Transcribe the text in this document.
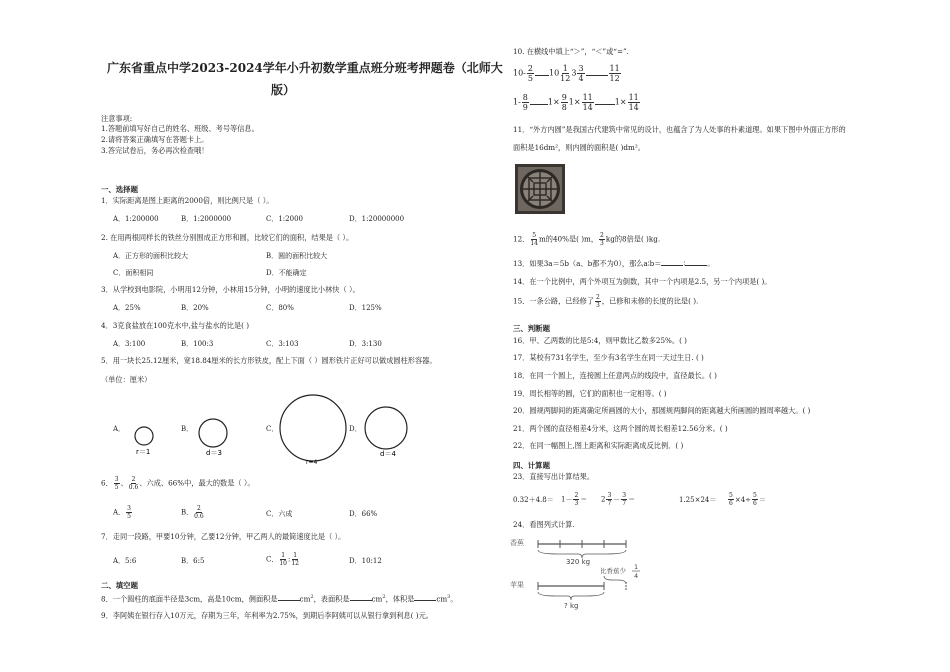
广东省重点中学2023-2024学年小升初数学重点班分班考押题卷（北师大
版）
注意事项:
1.答题前填写好自己的姓名、班级、考号等信息。
2.请将答案正确填写在答题卡上。
3.答完试卷后，务必再次检查哦！
一、选择题
1．实际距离是图上距离的2000倍，则比例尺是（ ）。
A．1:200000	B．1:2000000	C．1:2000	D．1:20000000
2. 在用两根同样长的铁丝分别围成正方形和圆，比较它们的面积，结果是（ ）。
A．正方形的面积比较大	B．圆的面积比较大
C．面积相同	D．不能确定
3．从学校到电影院，小明用12分钟，小林用15分钟，小明的速度比小林快（ ）。
A．25%	B．20%	C．80%	D．125%
4．3克食盐放在100克水中,盐与盐水的比是( )
A．3:100	B．100:3	C．3:103	D．3:130
5．用一块长25.12厘米，宽18.84厘米的长方形铁皮，配上下面（ ）圆形铁片正好可以做成圆柱形容器。
（单位：厘米）
A．	B．	C．	D．
r＝1	d＝3
r=4
d＝4
6． $\frac{3}{5}$ 、 $\frac{2}{0.6}$ 、六成、66%中，最大的数是（ ）。
A． $\frac{3}{5}$	B． $\frac{2}{0.6}$	C．六成	D．66%
7．走同一段路，甲要10分钟，乙要12分钟，甲乙两人的最简速度比是（ ）。
A．5:6	B．6:5	C． $\frac{1}{10}$ : $\frac{1}{12}$	D．10:12
二、填空题
8．一个圆柱的底面半径是3cm，高是10cm，侧面积是	$cm^2$，表面积是	$cm^2$，体积是	$cm^3$。
9．李阿姨在银行存入10万元，存期为三年，年利率为2.75%，到期后李阿姨可以从银行拿到利息( )元。
10. 在横线中填上“＞”，“＜”或“=”.
$10- \frac{2}{5} 10 \frac{1}{12} 3 \frac{3}{4}$	$\frac{11}{12}$
$1- \frac{8}{9} 1\times \frac{9}{8} 1\times \frac{11}{14}$	$1\times \frac{11}{14}$
11．“外方内圆”是我国古代建筑中常见的设计，也蕴含了为人处事的朴素道理。如果下图中外面正方形的
面积是16dm²，则内圆的面积是( )dm²。
12． $\frac{5}{14}$ m的40%是( )m， $\frac{2}{3}$ kg的8倍是( )kg.
13．如果3a＝5b（a、b都不为0），那么a∶b＝	∶	。
14．在一个比例中，两个外项互为倒数，其中一个内项是2.5，另一个内项是( )。
15．一条公路，已经修了 $\frac{2}{3}$ ，已修和未修的长度的比是( ).
三、判断题
16．甲、乙两数的比是5:4，则甲数比乙数多25%。( )
17．某校有731名学生，至少有3名学生在同一天过生日. ( )
18．在同一个圆上，连接圆上任意两点的线段中，直径最长。( )
19．周长相等的圆，它们的面积也一定相等。( )
20．圆规两脚间的距离确定所画圆的大小，那圆规两脚间的距离越大所画圆的圆周率越大。( )
21．两个圆的直径相差4分米，这两个圆的周长相差12.56分米。( )
22．在同一幅图上,图上距离和实际距离成反比例．( )
四、计算题
23．直接写出计算结果。
$0.32+4.8= 1- \frac{2}{3} = 2 \frac{3}{7} - \frac{3}{7}$ ＝	$1.25\times 24= \frac{5}{6} \times 4\div \frac{5}{6}$ ＝
24．看图列式计算.
香蕉
320 kg
比香蕉少 1
4
苹果
? kg
